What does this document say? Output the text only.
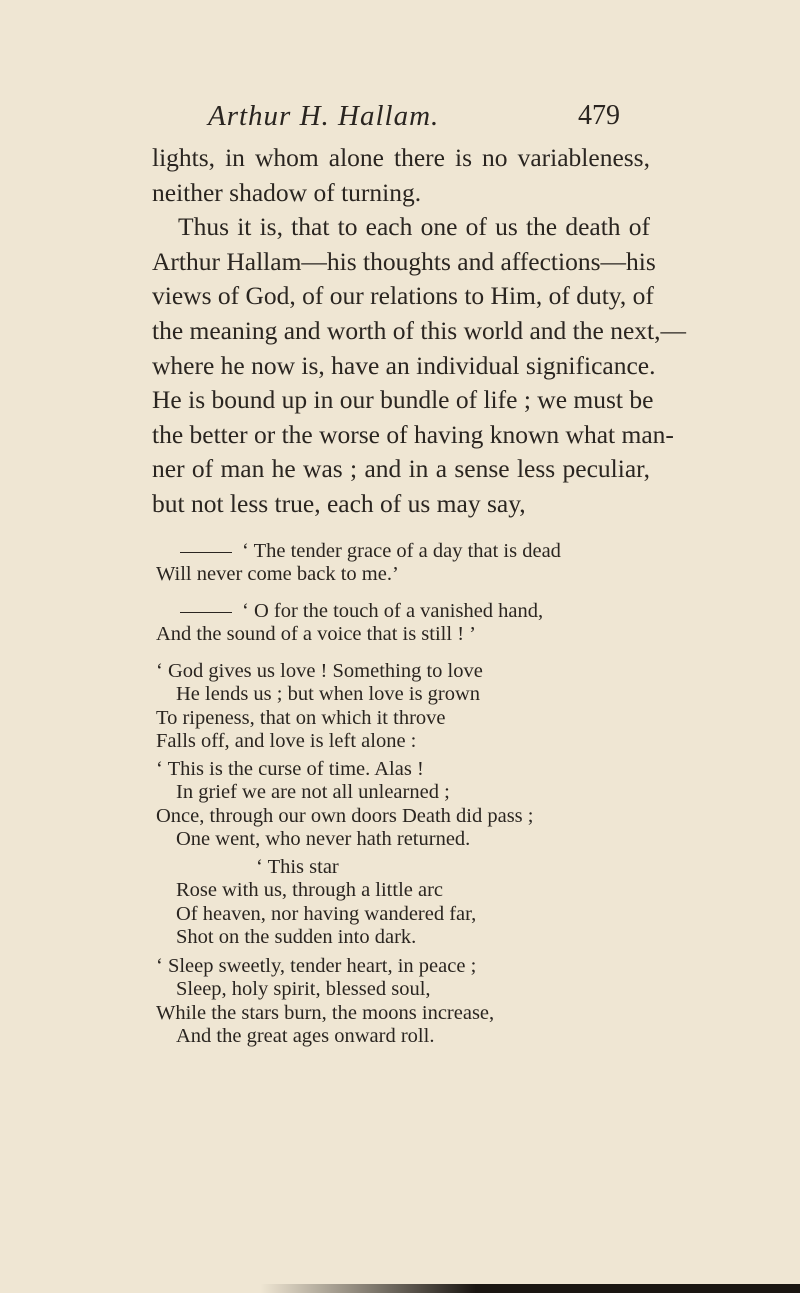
Arthur H. Hallam.	479
lights, in whom alone there is no variableness,
neither shadow of turning.
Thus it is, that to each one of us the death of
Arthur Hallam—his thoughts and affections—his
views of God, of our relations to Him, of duty, of
the meaning and worth of this world and the next,—
where he now is, have an individual significance.
He is bound up in our bundle of life ; we must be
the better or the worse of having known what man-
ner of man he was ; and in a sense less peculiar,
but not less true, each of us may say,
‘ The tender grace of a day that is dead
Will never come back to me.’
‘ O for the touch of a vanished hand,
And the sound of a voice that is still ! ’
‘ God gives us love ! Something to love
He lends us ; but when love is grown
To ripeness, that on which it throve
Falls off, and love is left alone :
‘ This is the curse of time. Alas !
In grief we are not all unlearned ;
Once, through our own doors Death did pass ;
One went, who never hath returned.
‘ This star
Rose with us, through a little arc
Of heaven, nor having wandered far,
Shot on the sudden into dark.
‘ Sleep sweetly, tender heart, in peace ;
Sleep, holy spirit, blessed soul,
While the stars burn, the moons increase,
And the great ages onward roll.
